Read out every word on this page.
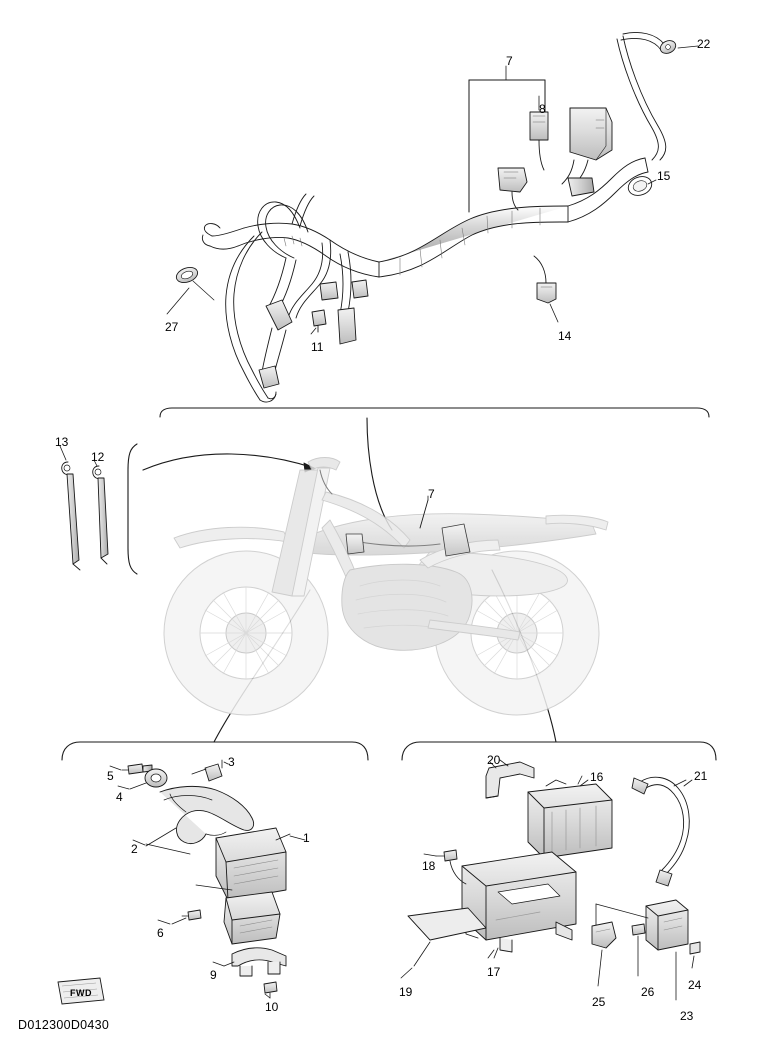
1
2
3
4
5
6
7
7
8
9
10
11
12
13
14
15
16
17
18
19
20
21
22
23
24
25
26
27
FWD
D012300D0430
